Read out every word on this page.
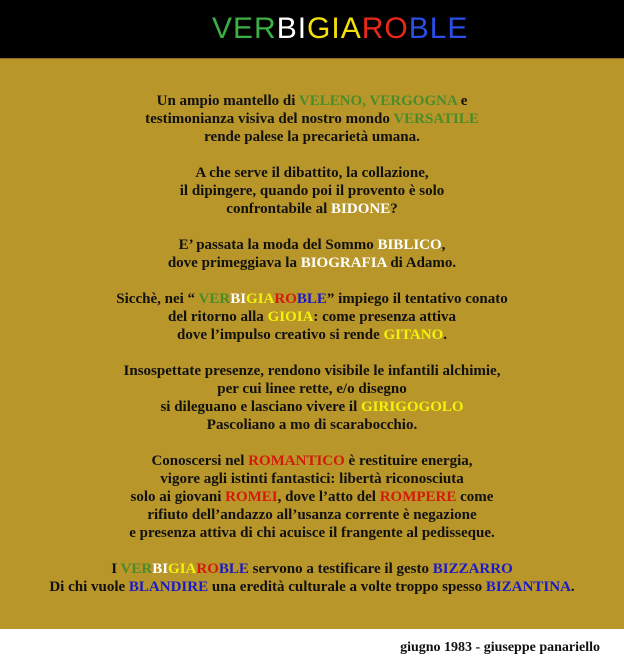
VERBIGIAROBLE
Un ampio mantello di VELENO, VERGOGNA e
testimonianza visiva del nostro mondo VERSATILE
rende palese la precarietà umana.
A che serve il dibattito, la collazione,
il dipingere, quando poi il provento è solo
confrontabile al BIDONE?
E’ passata la moda del Sommo BIBLICO,
dove primeggiava la BIOGRAFIA di Adamo.
Sicchè, nei “ VERBIGIAROBLE” impiego il tentativo conato
del ritorno alla GIOIA: come presenza attiva
dove l’impulso creativo si rende GITANO.
Insospettate presenze, rendono visibile le infantili alchimie,
per cui linee rette, e/o disegno
si dileguano e lasciano vivere il GIRIGOGOLO
Pascoliano a mo di scarabocchio.
Conoscersi nel ROMANTICO è restituire energia,
vigore agli istinti fantastici: libertà riconosciuta
solo ai giovani ROMEI, dove l’atto del ROMPERE come
rifiuto dell’andazzo all’usanza corrente è negazione
e presenza attiva di chi acuisce il frangente al pedisseque.
I VERBIGIAROBLE servono a testificare il gesto BIZZARRO
Di chi vuole BLANDIRE una eredità culturale a volte troppo spesso BIZANTINA.
giugno 1983 - giuseppe panariello
